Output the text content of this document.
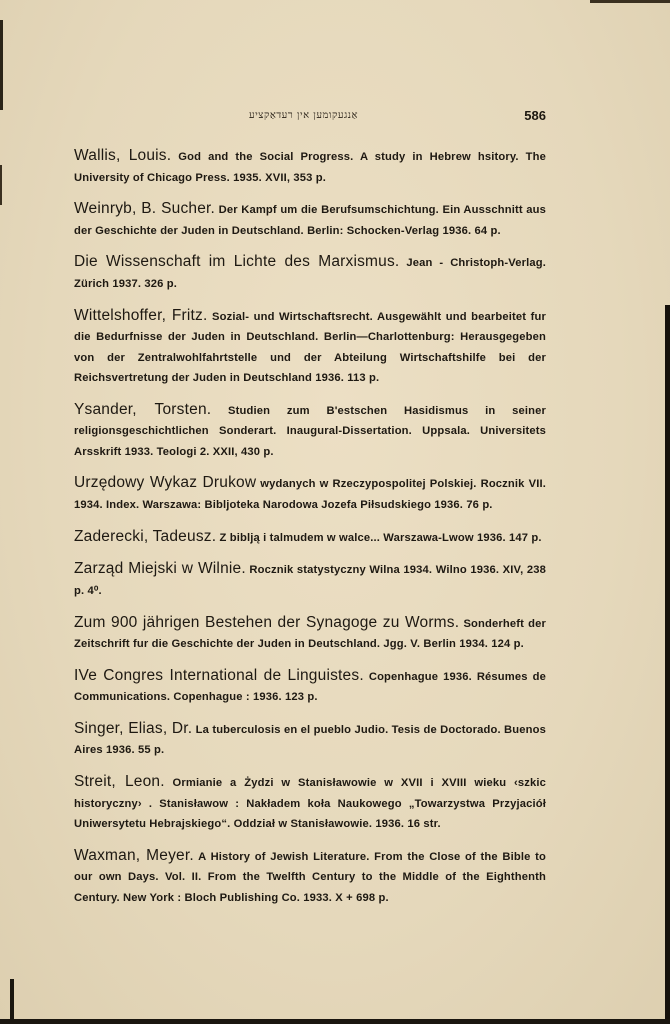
אַנגעקומען אין רעדאַקציע	586

Wallis, Louis. God and the Social Progress. A study in Hebrew hsitory. The University of Chicago Press. 1935. XVII, 353 p.

Weinryb, B. Sucher. Der Kampf um die Berufsumschichtung. Ein Ausschnitt aus der Geschichte der Juden in Deutschland. Berlin: Schocken-Verlag 1936. 64 p.

Die Wissenschaft im Lichte des Marxismus. Jean - Christoph-Verlag. Zürich 1937. 326 p.

Wittelshoffer, Fritz. Sozial- und Wirtschaftsrecht. Ausgewählt und bearbeitet fur die Bedurfnisse der Juden in Deutschland. Berlin—Charlottenburg: Herausgegeben von der Zentralwohlfahrtstelle und der Abteilung Wirtschaftshilfe bei der Reichsvertretung der Juden in Deutschland 1936. 113 p.

Ysander, Torsten. Studien zum B'estschen Hasidismus in seiner religionsgeschichtlichen Sonderart. Inaugural-Dissertation. Uppsala. Universitets Arsskrift 1933. Teologi 2. XXII, 430 p.

Urzędowy Wykaz Drukow wydanych w Rzeczypospolitej Polskiej. Rocznik VII. 1934. Index. Warszawa: Bibljoteka Narodowa Jozefa Piłsudskiego 1936. 76 p.

Zaderecki, Tadeusz. Z biblją i talmudem w walce... Warszawa-Lwow 1936. 147 p.

Zarząd Miejski w Wilnie. Rocznik statystyczny Wilna 1934. Wilno 1936. XIV, 238 p. 4⁰.

Zum 900 jährigen Bestehen der Synagoge zu Worms. Sonderheft der Zeitschrift fur die Geschichte der Juden in Deutschland. Jgg. V. Berlin 1934. 124 p.

IVe Congres International de Linguistes. Copenhague 1936. Résumes de Communications. Copenhague : 1936. 123 p.

Singer, Elias, Dr. La tuberculosis en el pueblo Judio. Tesis de Doctorado. Buenos Aires 1936. 55 p.

Streit, Leon. Ormianie a Żydzi w Stanisławowie w XVII i XVIII wieku ‹szkic historyczny› . Stanisławow : Nakładem koła Naukowego „Towarzystwa Przyjaciół Uniwersytetu Hebrajskiego“. Oddział w Stanisławowie. 1936. 16 str.

Waxman, Meyer. A History of Jewish Literature. From the Close of the Bible to our own Days. Vol. II. From the Twelfth Century to the Middle of the Eighthenth Century. New York : Bloch Publishing Co. 1933. X + 698 p.
